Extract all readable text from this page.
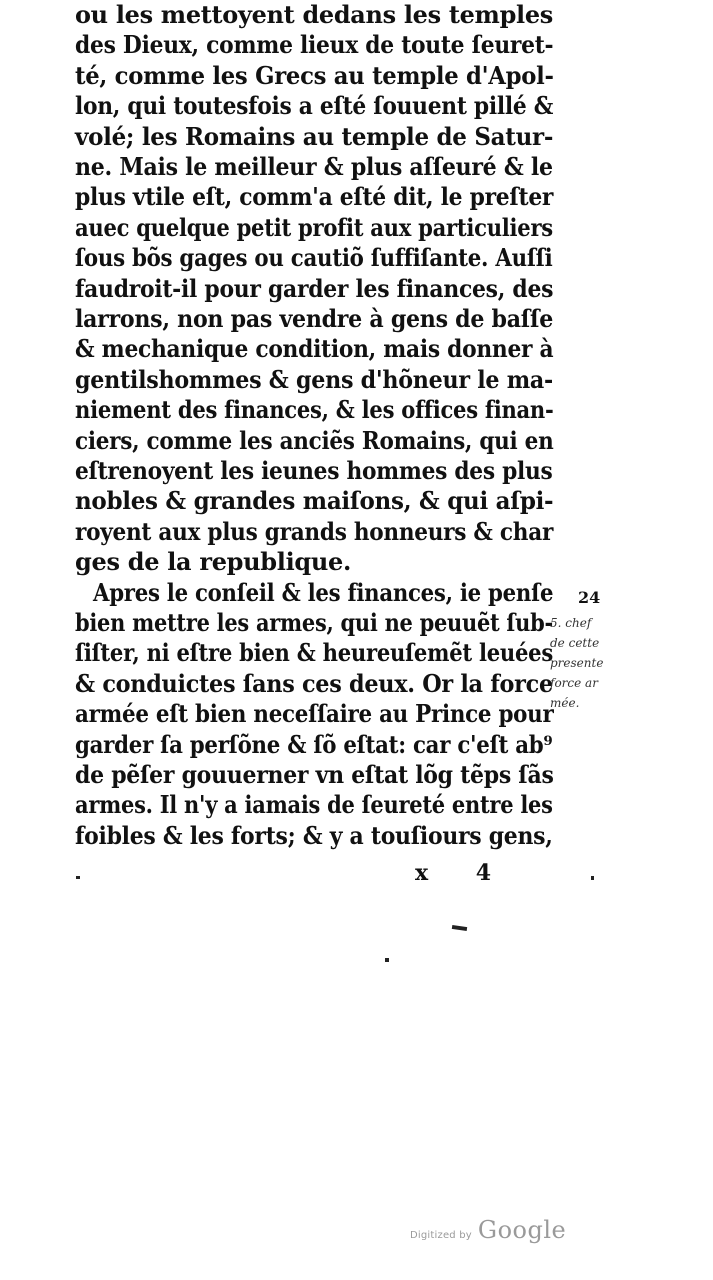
ou les mettoyent dedans les temples
des Dieux, comme lieux de toute ſeuret-
té, comme les Grecs au temple d'Apol-
lon, qui toutesfois a eſté ſouuent pillé &
volé; les Romains au temple de Satur-
ne. Mais le meilleur & plus aſſeuré & le
plus vtile eſt, comm'a eſté dit, le preſter
auec quelque petit profit aux particuliers
ſous bõs gages ou cautiõ ſuffiſante. Auſſi
faudroit-il pour garder les finances, des
larrons, non pas vendre à gens de baſſe
& mechanique condition, mais donner à
gentilshommes & gens d'hõneur le ma-
niement des finances, & les offices finan-
ciers, comme les anciẽs Romains, qui en
eſtrenoyent les ieunes hommes des plus
nobles & grandes maiſons, & qui aſpi-
royent aux plus grands honneurs & char
ges de la republique.
Apres le conſeil & les finances, ie penſe
bien mettre les armes, qui ne peuuẽt ſub-
ſiſter, ni eſtre bien & heureuſemẽt leuées
& conduictes ſans ces deux. Or la force
armée eſt bien neceſſaire au Prince pour
garder ſa perſõne & ſõ eſtat: car c'eſt ab⁹
de pẽſer gouuerner vn eſtat lõg tẽps ſãs
armes. Il n'y a iamais de ſeureté entre les
foibles & les forts; & y a touſiours gens,
24
5. chef
de cette
presente
force ar
mée.
x 4
Digitized by Google
